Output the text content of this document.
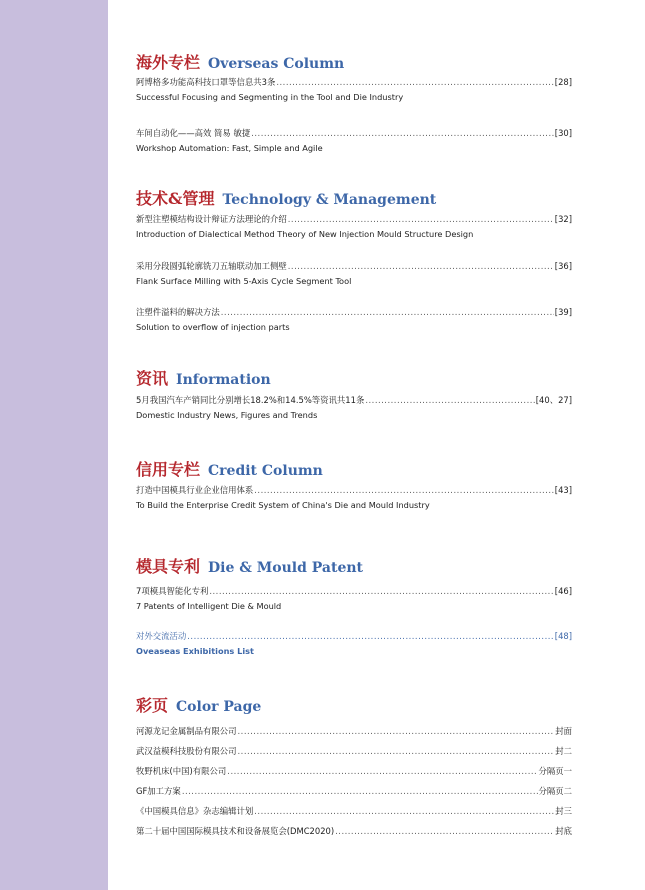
海外专栏 Overseas Column
阿博格多功能高科技口罩等信息共3条 .....	[28]
Successful Focusing and Segmenting in the Tool and Die Industry
车间自动化——高效 简易 敏捷 .....	[30]
Workshop Automation: Fast, Simple and Agile
技术&管理 Technology & Management
新型注塑模结构设计辩证方法理论的介绍 .....	[32]
Introduction of Dialectical Method Theory of New Injection Mould Structure Design
采用分段圆弧轮廓铣刀五轴联动加工侧壁 .....	[36]
Flank Surface Milling with 5-Axis Cycle Segment Tool
注塑件溢料的解决方法 .....	[39]
Solution to overflow of injection parts
资讯 Information
5月我国汽车产销同比分别增长18.2%和14.5%等资讯共11条 .....	[40、27]
Domestic Industry News, Figures and Trends
信用专栏 Credit Column
打造中国模具行业企业信用体系 .....	[43]
To Build the Enterprise Credit System of China's Die and Mould Industry
模具专利 Die & Mould Patent
7项模具智能化专利 .....	[46]
7 Patents of Intelligent Die & Mould
对外交流活动 .....	[48]
Oveaseas Exhibitions List
彩页 Color Page
河源龙记金属制品有限公司 .....	封面
武汉益模科技股份有限公司 .....	封二
牧野机床(中国)有限公司 .....	分隔页一
GF加工方案 .....	分隔页二
《中国模具信息》杂志编辑计划 .....	封三
第二十届中国国际模具技术和设备展览会(DMC2020) .....	封底
